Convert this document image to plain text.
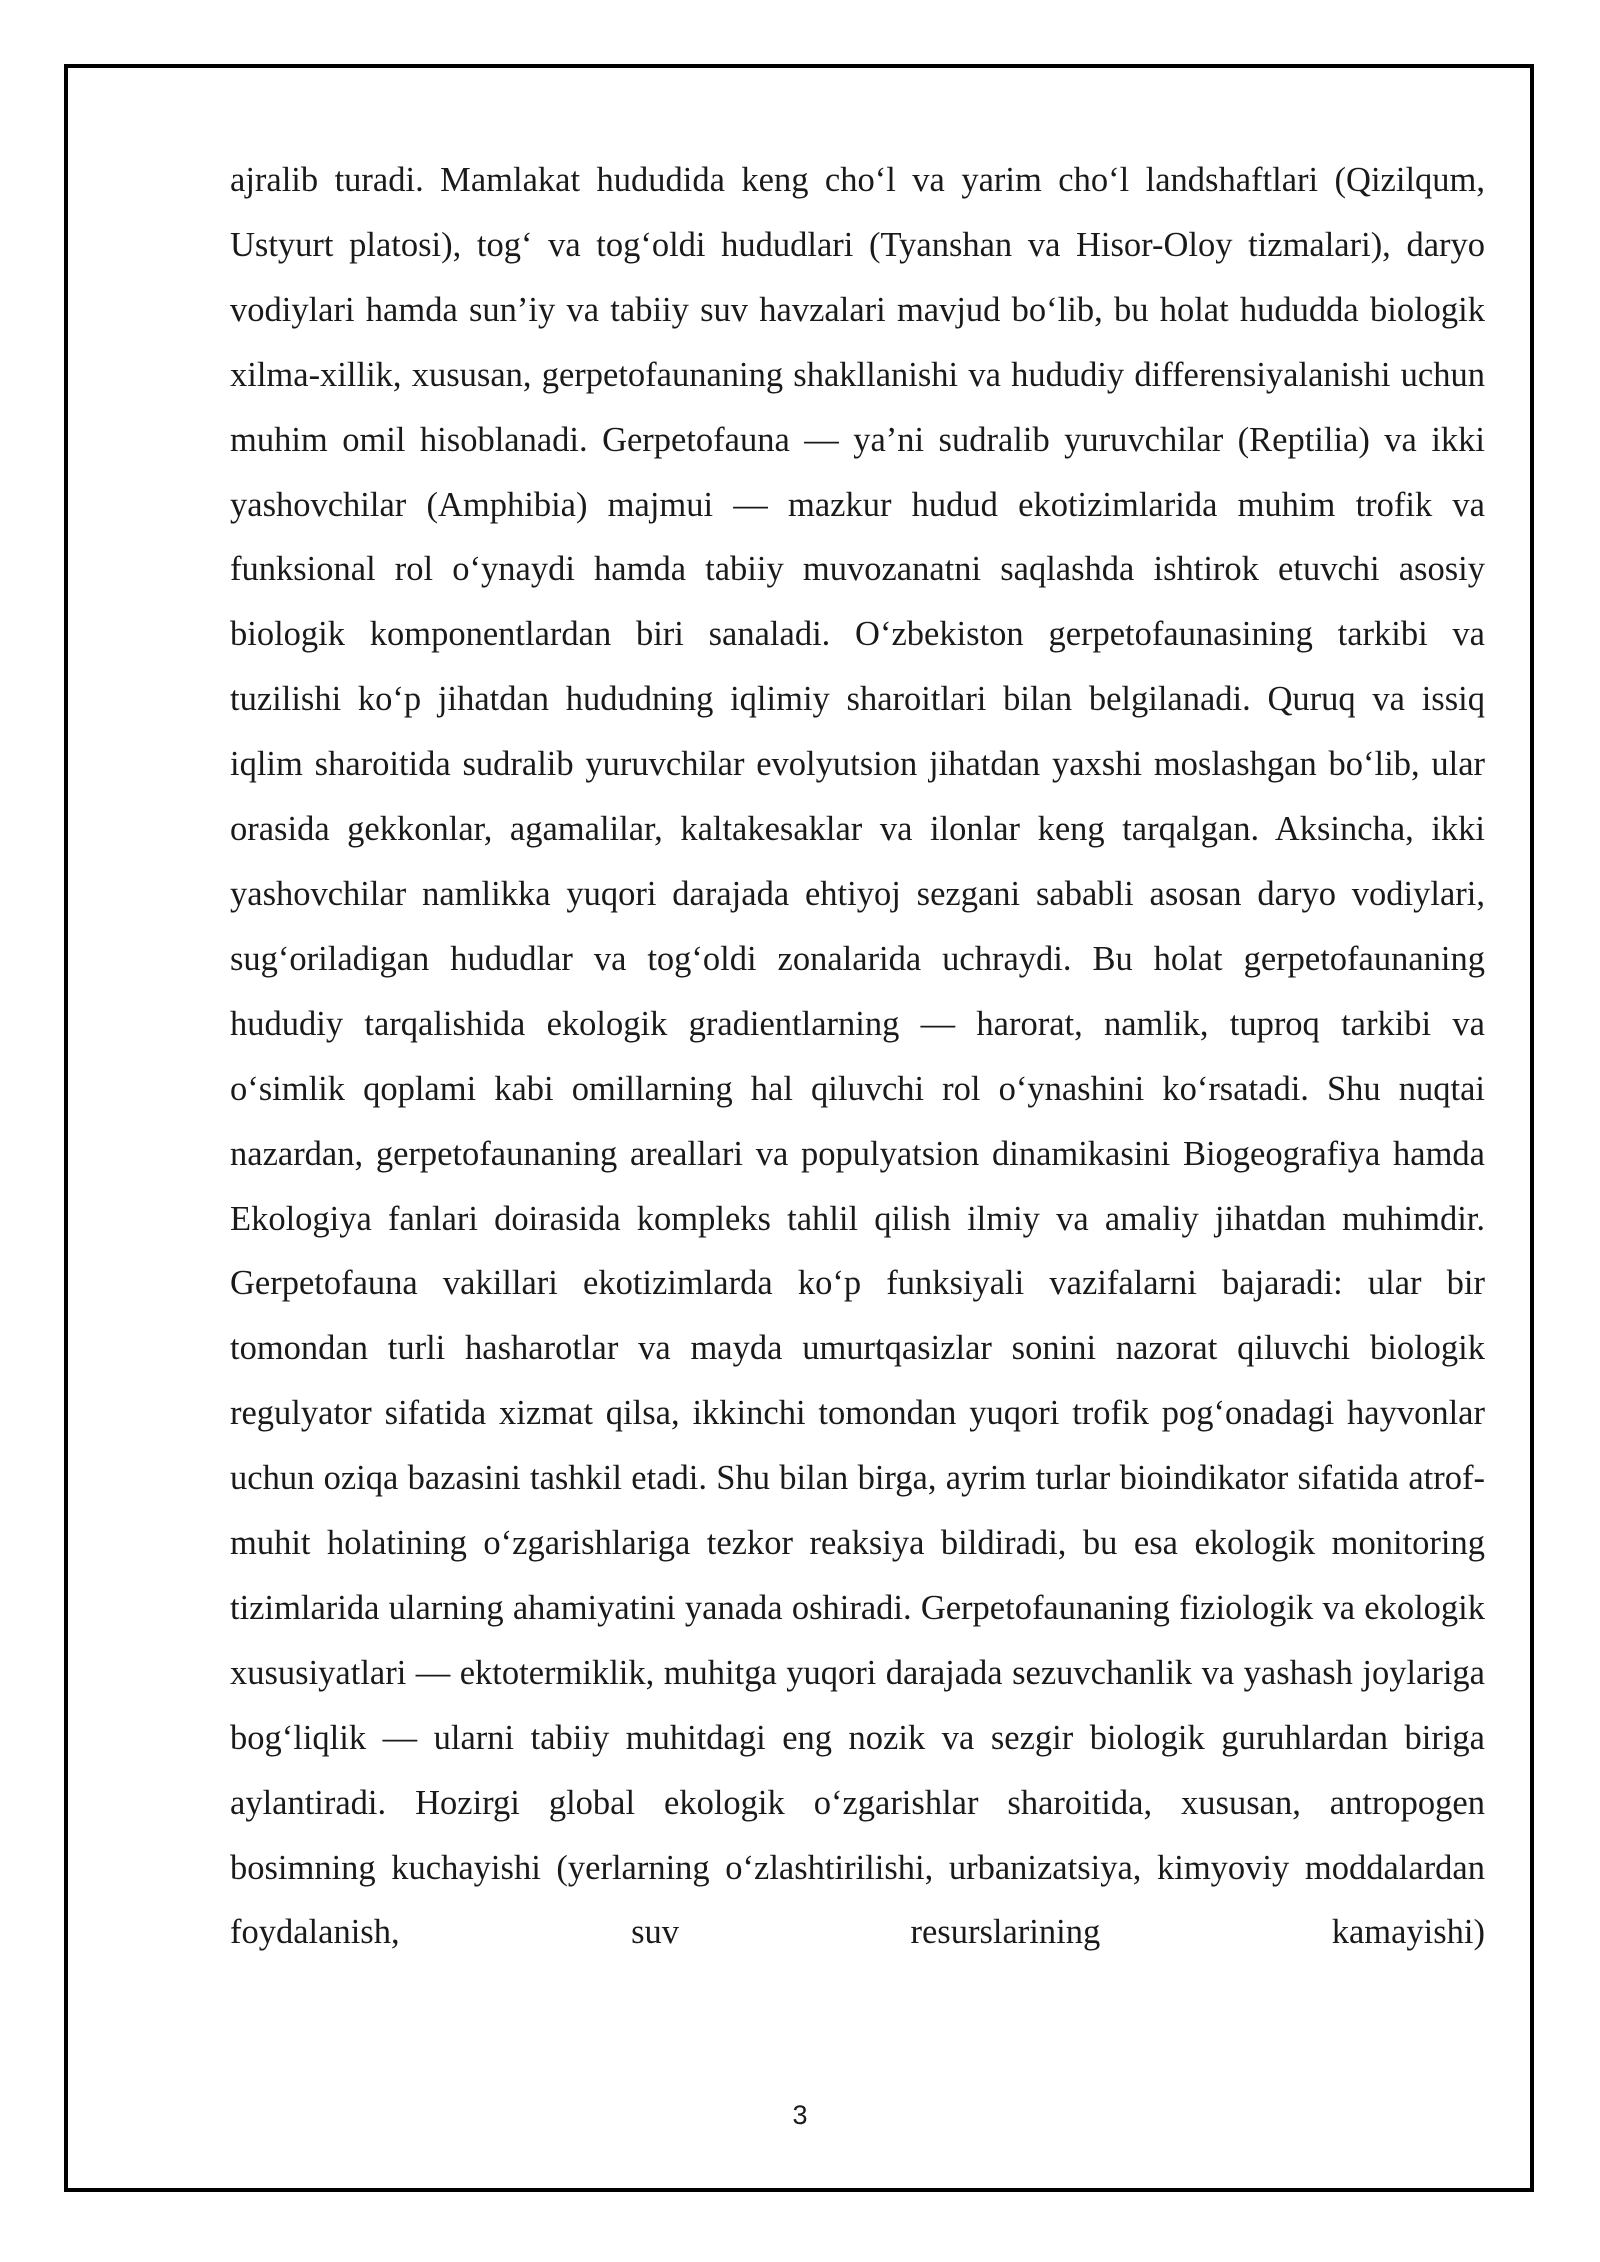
ajralib turadi. Mamlakat hududida keng cho‘l va yarim cho‘l landshaftlari (Qizilqum, Ustyurt platosi), tog‘ va tog‘oldi hududlari (Tyanshan va Hisor-Oloy tizmalari), daryo vodiylari hamda sun’iy va tabiiy suv havzalari mavjud bo‘lib, bu holat hududda biologik xilma-xillik, xususan, gerpetofaunaning shakllanishi va hududiy differensiyalanishi uchun muhim omil hisoblanadi. Gerpetofauna — ya’ni sudralib yuruvchilar (Reptilia) va ikki yashovchilar (Amphibia) majmui — mazkur hudud ekotizimlarida muhim trofik va funksional rol o‘ynaydi hamda tabiiy muvozanatni saqlashda ishtirok etuvchi asosiy biologik komponentlardan biri sanaladi. O‘zbekiston gerpetofaunasining tarkibi va tuzilishi ko‘p jihatdan hududning iqlimiy sharoitlari bilan belgilanadi. Quruq va issiq iqlim sharoitida sudralib yuruvchilar evolyutsion jihatdan yaxshi moslashgan bo‘lib, ular orasida gekkonlar, agamalilar, kaltakesaklar va ilonlar keng tarqalgan. Aksincha, ikki yashovchilar namlikka yuqori darajada ehtiyoj sezgani sababli asosan daryo vodiylari, sug‘oriladigan hududlar va tog‘oldi zonalarida uchraydi. Bu holat gerpetofaunaning hududiy tarqalishida ekologik gradientlarning — harorat, namlik, tuproq tarkibi va o‘simlik qoplami kabi omillarning hal qiluvchi rol o‘ynashini ko‘rsatadi. Shu nuqtai nazardan, gerpetofaunaning areallari va populyatsion dinamikasini Biogeografiya hamda Ekologiya fanlari doirasida kompleks tahlil qilish ilmiy va amaliy jihatdan muhimdir. Gerpetofauna vakillari ekotizimlarda ko‘p funksiyali vazifalarni bajaradi: ular bir tomondan turli hasharotlar va mayda umurtqasizlar sonini nazorat qiluvchi biologik regulyator sifatida xizmat qilsa, ikkinchi tomondan yuqori trofik pog‘onadagi hayvonlar uchun oziqa bazasini tashkil etadi. Shu bilan birga, ayrim turlar bioindikator sifatida atrof-muhit holatining o‘zgarishlariga tezkor reaksiya bildiradi, bu esa ekologik monitoring tizimlarida ularning ahamiyatini yanada oshiradi. Gerpetofaunaning fiziologik va ekologik xususiyatlari — ektotermiklik, muhitga yuqori darajada sezuvchanlik va yashash joylariga bog‘liqlik — ularni tabiiy muhitdagi eng nozik va sezgir biologik guruhlardan biriga aylantiradi. Hozirgi global ekologik o‘zgarishlar sharoitida, xususan, antropogen bosimning kuchayishi (yerlarning o‘zlashtirilishi, urbanizatsiya, kimyoviy moddalardan foydalanish, suv resurslarining kamayishi)

3
